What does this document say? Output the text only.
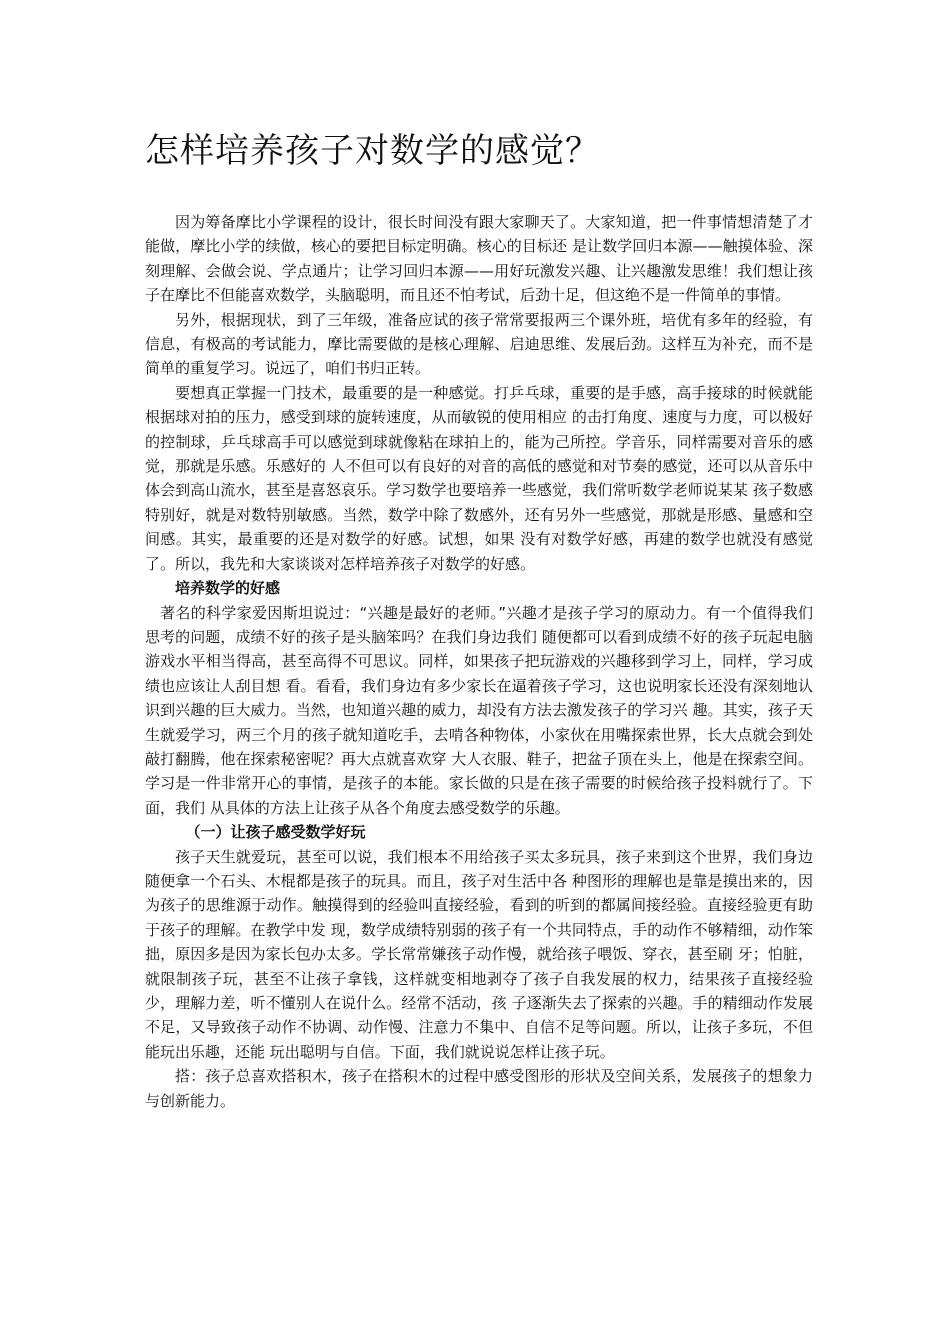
怎样培养孩子对数学的感觉？

因为筹备摩比小学课程的设计，很长时间没有跟大家聊天了。大家知道，把一件事情想清楚了才能做，摩比小学的续做，核心的要把目标定明确。核心的目标还 是让数学回归本源——触摸体验、深刻理解、会做会说、学点通片；让学习回归本源——用好玩激发兴趣、让兴趣激发思维！我们想让孩子在摩比不但能喜欢数学，头脑聪明，而且还不怕考试，后劲十足，但这绝不是一件简单的事情。

另外，根据现状，到了三年级，准备应试的孩子常常要报两三个课外班，培优有多年的经验，有信息，有极高的考试能力，摩比需要做的是核心理解、启迪思维、发展后劲。这样互为补充，而不是简单的重复学习。说远了，咱们书归正转。

要想真正掌握一门技术，最重要的是一种感觉。打乒乓球，重要的是手感，高手接球的时候就能根据球对拍的压力，感受到球的旋转速度，从而敏锐的使用相应 的击打角度、速度与力度，可以极好的控制球，乒乓球高手可以感觉到球就像粘在球拍上的，能为己所控。学音乐，同样需要对音乐的感觉，那就是乐感。乐感好的 人不但可以有良好的对音的高低的感觉和对节奏的感觉，还可以从音乐中体会到高山流水，甚至是喜怒哀乐。学习数学也要培养一些感觉，我们常听数学老师说某某 孩子数感特别好，就是对数特别敏感。当然，数学中除了数感外，还有另外一些感觉，那就是形感、量感和空间感。其实，最重要的还是对数学的好感。试想，如果 没有对数学好感，再建的数学也就没有感觉了。所以，我先和大家谈谈对怎样培养孩子对数学的好感。

培养数学的好感

著名的科学家爱因斯坦说过：“兴趣是最好的老师。”兴趣才是孩子学习的原动力。有一个值得我们思考的问题，成绩不好的孩子是头脑笨吗？在我们身边我们 随便都可以看到成绩不好的孩子玩起电脑游戏水平相当得高，甚至高得不可思议。同样，如果孩子把玩游戏的兴趣移到学习上，同样，学习成绩也应该让人刮目想 看。看看，我们身边有多少家长在逼着孩子学习，这也说明家长还没有深刻地认识到兴趣的巨大威力。当然，也知道兴趣的威力，却没有方法去激发孩子的学习兴 趣。其实，孩子天生就爱学习，两三个月的孩子就知道吃手，去啃各种物体，小家伙在用嘴探索世界，长大点就会到处敲打翻腾，他在探索秘密呢？再大点就喜欢穿 大人衣服、鞋子，把盆子顶在头上，他是在探索空间。学习是一件非常开心的事情，是孩子的本能。家长做的只是在孩子需要的时候给孩子投料就行了。下面，我们 从具体的方法上让孩子从各个角度去感受数学的乐趣。

（一）让孩子感受数学好玩

孩子天生就爱玩，甚至可以说，我们根本不用给孩子买太多玩具，孩子来到这个世界，我们身边随便拿一个石头、木棍都是孩子的玩具。而且，孩子对生活中各 种图形的理解也是靠是摸出来的，因为孩子的思维源于动作。触摸得到的经验叫直接经验，看到的听到的都属间接经验。直接经验更有助于孩子的理解。在教学中发 现，数学成绩特别弱的孩子有一个共同特点，手的动作不够精细，动作笨拙，原因多是因为家长包办太多。学长常常嫌孩子动作慢，就给孩子喂饭、穿衣，甚至刷 牙；怕脏，就限制孩子玩，甚至不让孩子拿钱，这样就变相地剥夺了孩子自我发展的权力，结果孩子直接经验少，理解力差，听不懂别人在说什么。经常不活动，孩 子逐渐失去了探索的兴趣。手的精细动作发展不足，又导致孩子动作不协调、动作慢、注意力不集中、自信不足等问题。所以，让孩子多玩，不但能玩出乐趣，还能 玩出聪明与自信。下面，我们就说说怎样让孩子玩。

搭：孩子总喜欢搭积木，孩子在搭积木的过程中感受图形的形状及空间关系，发展孩子的想象力与创新能力。
